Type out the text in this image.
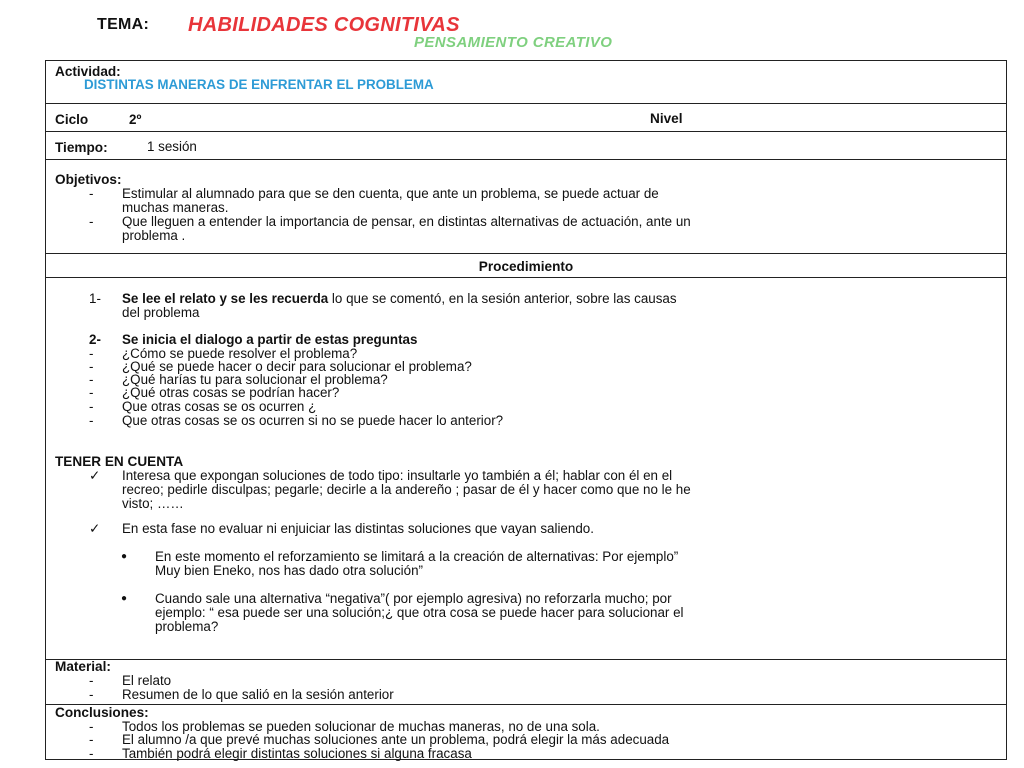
TEMA: HABILIDADES COGNITIVAS
PENSAMIENTO CREATIVO
Actividad:
DISTINTAS MANERAS DE ENFRENTAR EL PROBLEMA
Ciclo	2º	Nivel
Tiempo:	1 sesión
Objetivos:
- Estimular al alumnado para que se den cuenta, que ante un problema, se puede actuar de
muchas maneras.
- Que lleguen a entender la importancia de pensar, en distintas alternativas de actuación, ante un
problema .
Procedimiento
1- Se lee el relato y se les recuerda lo que se comentó, en la sesión anterior, sobre las causas
del problema
2- Se inicia el dialogo a partir de estas preguntas
- ¿Cómo se puede resolver el problema?
- ¿Qué se puede hacer o decir para solucionar el problema?
- ¿Qué harías tu para solucionar el problema?
- ¿Qué otras cosas se podrían hacer?
- Que otras cosas se os ocurren ¿
- Que otras cosas se os ocurren si no se puede hacer lo anterior?
TENER EN CUENTA
✓ Interesa que expongan soluciones de todo tipo: insultarle yo también a él; hablar con él en el
recreo; pedirle disculpas; pegarle; decirle a la andereño ; pasar de él y hacer como que no le he
visto; ……
✓ En esta fase no evaluar ni enjuiciar las distintas soluciones que vayan saliendo.
● En este momento el reforzamiento se limitará a la creación de alternativas: Por ejemplo”
Muy bien Eneko, nos has dado otra solución”
● Cuando sale una alternativa “negativa”( por ejemplo agresiva) no reforzarla mucho; por
ejemplo: “ esa puede ser una solución;¿ que otra cosa se puede hacer para solucionar el
problema?
Material:
- El relato
- Resumen de lo que salió en la sesión anterior
Conclusiones:
- Todos los problemas se pueden solucionar de muchas maneras, no de una sola.
- El alumno /a que prevé muchas soluciones ante un problema, podrá elegir la más adecuada
- También podrá elegir distintas soluciones si alguna fracasa
